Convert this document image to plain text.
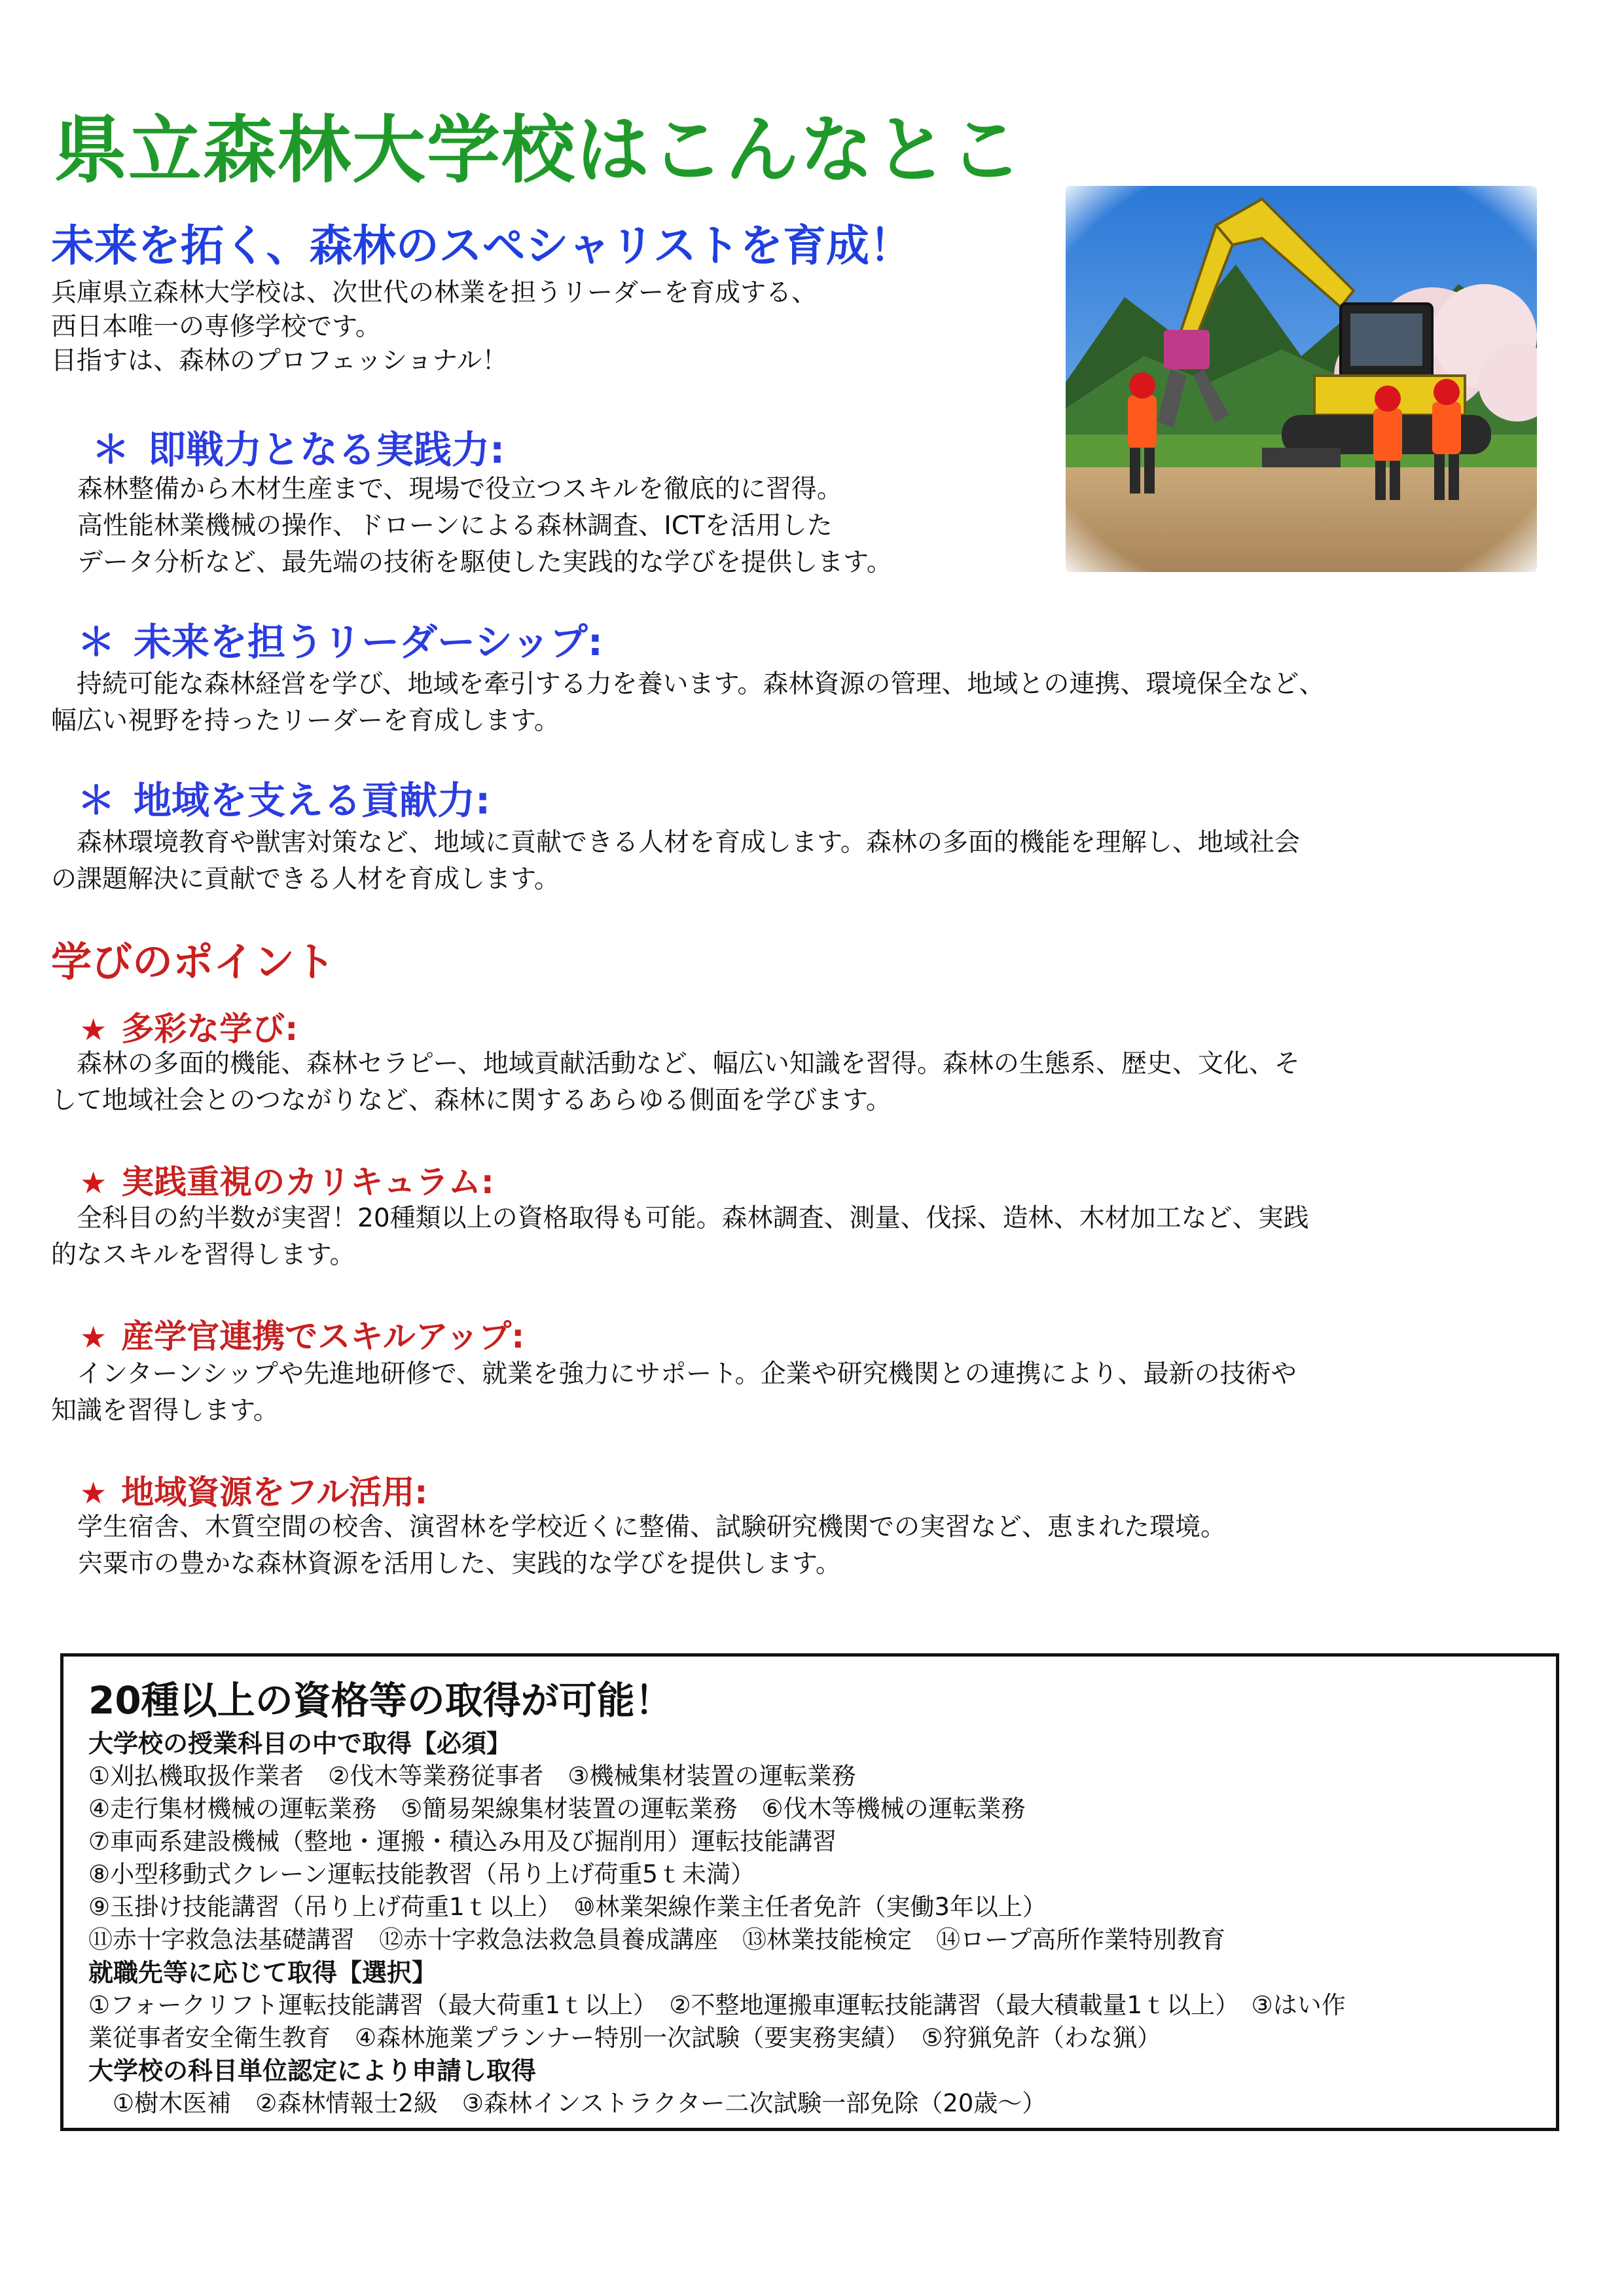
県立森林大学校はこんなとこ
未来を拓く、森林のスペシャリストを育成！
兵庫県立森林大学校は、次世代の林業を担うリーダーを育成する、
西日本唯一の専修学校です。
目指すは、森林のプロフェッショナル！
＊ 即戦力となる実践力:
森林整備から木材生産まで、現場で役立つスキルを徹底的に習得。
高性能林業機械の操作、ドローンによる森林調査、ICTを活用した
データ分析など、最先端の技術を駆使した実践的な学びを提供します。
＊ 未来を担うリーダーシップ:
　持続可能な森林経営を学び、地域を牽引する力を養います。森林資源の管理、地域との連携、環境保全など、
幅広い視野を持ったリーダーを育成します。
＊ 地域を支える貢献力:
　森林環境教育や獣害対策など、地域に貢献できる人材を育成します。森林の多面的機能を理解し、地域社会
の課題解決に貢献できる人材を育成します。
学びのポイント
★ 多彩な学び:
　森林の多面的機能、森林セラピー、地域貢献活動など、幅広い知識を習得。森林の生態系、歴史、文化、そ
して地域社会とのつながりなど、森林に関するあらゆる側面を学びます。
★ 実践重視のカリキュラム:
　全科目の約半数が実習！20種類以上の資格取得も可能。森林調査、測量、伐採、造林、木材加工など、実践
的なスキルを習得します。
★ 産学官連携でスキルアップ:
　インターンシップや先進地研修で、就業を強力にサポート。企業や研究機関との連携により、最新の技術や
知識を習得します。
★ 地域資源をフル活用:
学生宿舎、木質空間の校舎、演習林を学校近くに整備、試験研究機関での実習など、恵まれた環境。
宍粟市の豊かな森林資源を活用した、実践的な学びを提供します。
20種以上の資格等の取得が可能！
大学校の授業科目の中で取得【必須】
①刈払機取扱作業者　②伐木等業務従事者　③機械集材装置の運転業務
④走行集材機械の運転業務　⑤簡易架線集材装置の運転業務　⑥伐木等機械の運転業務
⑦車両系建設機械（整地・運搬・積込み用及び掘削用）運転技能講習
⑧小型移動式クレーン運転技能教習（吊り上げ荷重5ｔ未満）
⑨玉掛け技能講習（吊り上げ荷重1ｔ以上）　⑩林業架線作業主任者免許（実働3年以上）
⑪赤十字救急法基礎講習　⑫赤十字救急法救急員養成講座　⑬林業技能検定　⑭ロープ高所作業特別教育
就職先等に応じて取得【選択】
①フォークリフト運転技能講習（最大荷重1ｔ以上）　②不整地運搬車運転技能講習（最大積載量1ｔ以上）　③はい作
業従事者安全衛生教育　④森林施業プランナー特別一次試験（要実務実績）　⑤狩猟免許（わな猟）
大学校の科目単位認定により申請し取得
　①樹木医補　②森林情報士2級　③森林インストラクター二次試験一部免除（20歳～）
